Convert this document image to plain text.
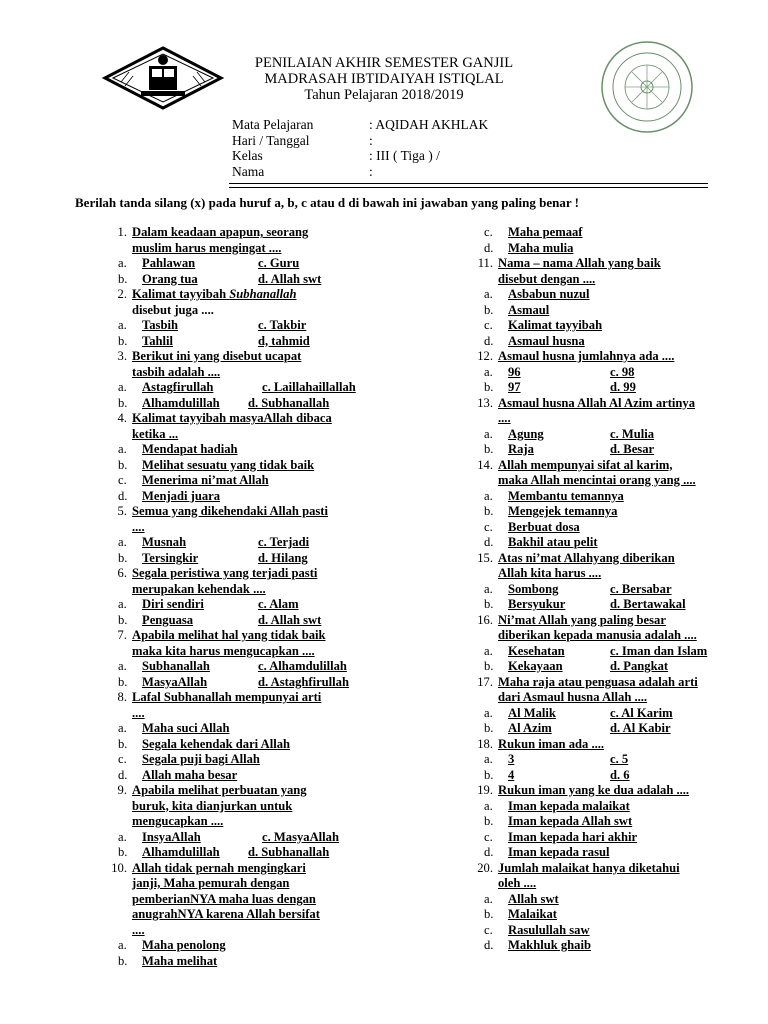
PENILAIAN AKHIR SEMESTER GANJIL
MADRASAH IBTIDAIYAH ISTIQLAL
Tahun Pelajaran 2018/2019
Mata Pelajaran	: AQIDAH AKHLAK
Hari / Tanggal	:
Kelas	: III ( Tiga ) /
Nama	:
Berilah tanda silang (x) pada huruf a, b, c atau d di bawah ini jawaban yang paling benar !
1. Dalam keadaan apapun, seorang
muslim harus mengingat ....
a. Pahlawan	c. Guru
b. Orang tua	d. Allah swt
2. Kalimat tayyibah Subhanallah
disebut juga ....
a. Tasbih	c. Takbir
b. Tahlil	d, tahmid
3. Berikut ini yang disebut ucapat
tasbih adalah ....
a. Astagfirullah	c. Laillahaillallah
b. Alhamdulillah d. Subhanallah
4. Kalimat tayyibah masyaAllah dibaca
ketika ...
a. Mendapat hadiah
b. Melihat sesuatu yang tidak baik
c. Menerima ni’mat Allah
d. Menjadi juara
5. Semua yang dikehendaki Allah pasti
....
a. Musnah	c. Terjadi
b. Tersingkir	d. Hilang
6. Segala peristiwa yang terjadi pasti
merupakan kehendak ....
a. Diri sendiri	c. Alam
b. Penguasa	d. Allah swt
7. Apabila melihat hal yang tidak baik
maka kita harus mengucapkan ....
a. Subhanallah	c. Alhamdulillah
b. MasyaAllah	d. Astaghfirullah
8. Lafal Subhanallah mempunyai arti
....
a. Maha suci Allah
b. Segala kehendak dari Allah
c. Segala puji bagi Allah
d. Allah maha besar
9. Apabila melihat perbuatan yang
buruk, kita dianjurkan untuk
mengucapkan ....
a. InsyaAllah	c. MasyaAllah
b. Alhamdulillah d. Subhanallah
10. Allah tidak pernah mengingkari
janji, Maha pemurah dengan
pemberianNYA maha luas dengan
anugrahNYA karena Allah bersifat
....
a. Maha penolong
b. Maha melihat
c. Maha pemaaf
d. Maha mulia
11. Nama – nama Allah yang baik
disebut dengan ....
a. Asbabun nuzul
b. Asmaul
c. Kalimat tayyibah
d. Asmaul husna
12. Asmaul husna jumlahnya ada ....
a. 96	c. 98
b. 97	d. 99
13. Asmaul husna Allah Al Azim artinya
....
a. Agung	c. Mulia
b. Raja	d. Besar
14. Allah mempunyai sifat al karim,
maka Allah mencintai orang yang ....
a. Membantu temannya
b. Mengejek temannya
c. Berbuat dosa
d. Bakhil atau pelit
15. Atas ni’mat Allahyang diberikan
Allah kita harus ....
a. Sombong	c. Bersabar
b. Bersyukur	d. Bertawakal
16. Ni’mat Allah yang paling besar
diberikan kepada manusia adalah ....
a. Kesehatan	c. Iman dan Islam
b. Kekayaan	d. Pangkat
17. Maha raja atau penguasa adalah arti
dari Asmaul husna Allah ....
a. Al Malik	c. Al Karim
b. Al Azim	d. Al Kabir
18. Rukun iman ada ....
a. 3	c. 5
b. 4	d. 6
19. Rukun iman yang ke dua adalah ....
a. Iman kepada malaikat
b. Iman kepada Allah swt
c. Iman kepada hari akhir
d. Iman kepada rasul
20. Jumlah malaikat hanya diketahui
oleh ....
a. Allah swt
b. Malaikat
c. Rasulullah saw
d. Makhluk ghaib
